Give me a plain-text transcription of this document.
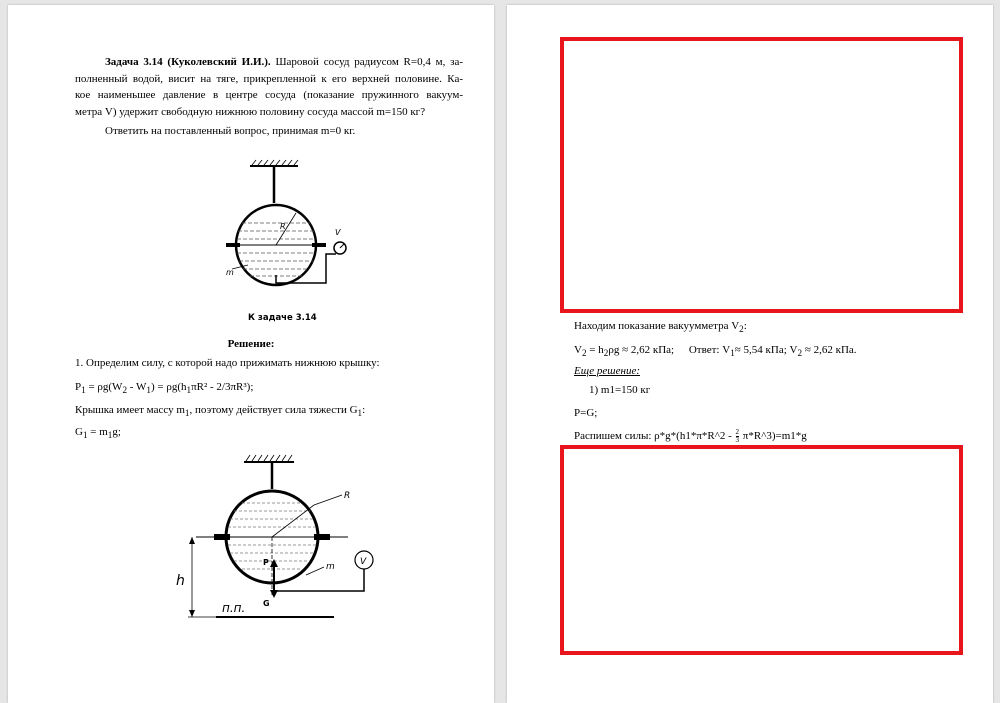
Задача 3.14 (Куколевский И.И.). Шаровой сосуд радиусом R=0,4 м, за-
полненный водой, висит на тяге, прикрепленной к его верхней половине. Ка-
кое наименьшее давление в центре сосуда (показание пружинного вакуум-
метра V) удержит свободную нижнюю половину сосуда массой m=150 кг?
Ответить на поставленный вопрос, принимая m=0 кг.
R
V
m
К задаче 3.14
Решение:
1. Определим силу, с которой надо прижимать нижнюю крышку:
$P_1 = \rho g(W_2 - W_1) = \rho g(h_1\pi R^2 - 2/3\pi R^3)$;
Крышка имеет массу $m_1$, поэтому действует сила тяжести $G_1$:
$G_1 = m_1g$;
R
P
G
V
m
h
п.п.
Находим показание вакуумметра $V_2$:
$V_2 = h_2\rho g \approx 2,62$ кПа; Ответ: $V_1\approx 5,54$ кПа; $V_2 \approx 2,62$ кПа.
Еще решение:
1) m1=150 кг
P=G;
Распишем силы: ρ*g*(h1*π*R^2 - $\frac{2}{3}$ π*R^3)=m1*g
